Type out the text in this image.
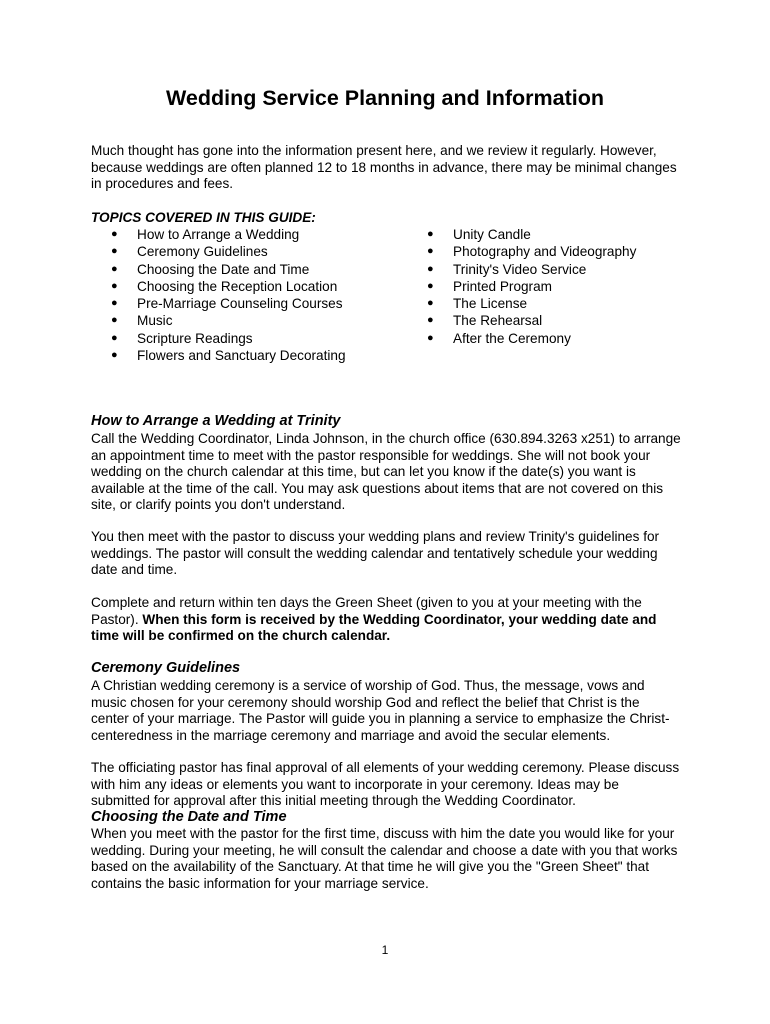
Wedding Service Planning and Information

Much thought has gone into the information present here, and we review it regularly. However, because weddings are often planned 12 to 18 months in advance, there may be minimal changes in procedures and fees.

TOPICS COVERED IN THIS GUIDE:
● How to Arrange a Wedding
● Ceremony Guidelines
● Choosing the Date and Time
● Choosing the Reception Location
● Pre-Marriage Counseling Courses
● Music
● Scripture Readings
● Flowers and Sanctuary Decorating
● Unity Candle
● Photography and Videography
● Trinity's Video Service
● Printed Program
● The License
● The Rehearsal
● After the Ceremony
How to Arrange a Wedding at Trinity

Call the Wedding Coordinator, Linda Johnson, in the church office (630.894.3263 x251) to arrange an appointment time to meet with the pastor responsible for weddings. She will not book your wedding on the church calendar at this time, but can let you know if the date(s) you want is available at the time of the call. You may ask questions about items that are not covered on this site, or clarify points you don't understand.

You then meet with the pastor to discuss your wedding plans and review Trinity's guidelines for weddings. The pastor will consult the wedding calendar and tentatively schedule your wedding date and time.

Complete and return within ten days the Green Sheet (given to you at your meeting with the Pastor). When this form is received by the Wedding Coordinator, your wedding date and time will be confirmed on the church calendar.

Ceremony Guidelines

A Christian wedding ceremony is a service of worship of God. Thus, the message, vows and music chosen for your ceremony should worship God and reflect the belief that Christ is the center of your marriage. The Pastor will guide you in planning a service to emphasize the Christ-centeredness in the marriage ceremony and marriage and avoid the secular elements.

The officiating pastor has final approval of all elements of your wedding ceremony. Please discuss with him any ideas or elements you want to incorporate in your ceremony. Ideas may be submitted for approval after this initial meeting through the Wedding Coordinator.

Choosing the Date and Time

When you meet with the pastor for the first time, discuss with him the date you would like for your wedding. During your meeting, he will consult the calendar and choose a date with you that works based on the availability of the Sanctuary. At that time he will give you the "Green Sheet" that contains the basic information for your marriage service.

1
